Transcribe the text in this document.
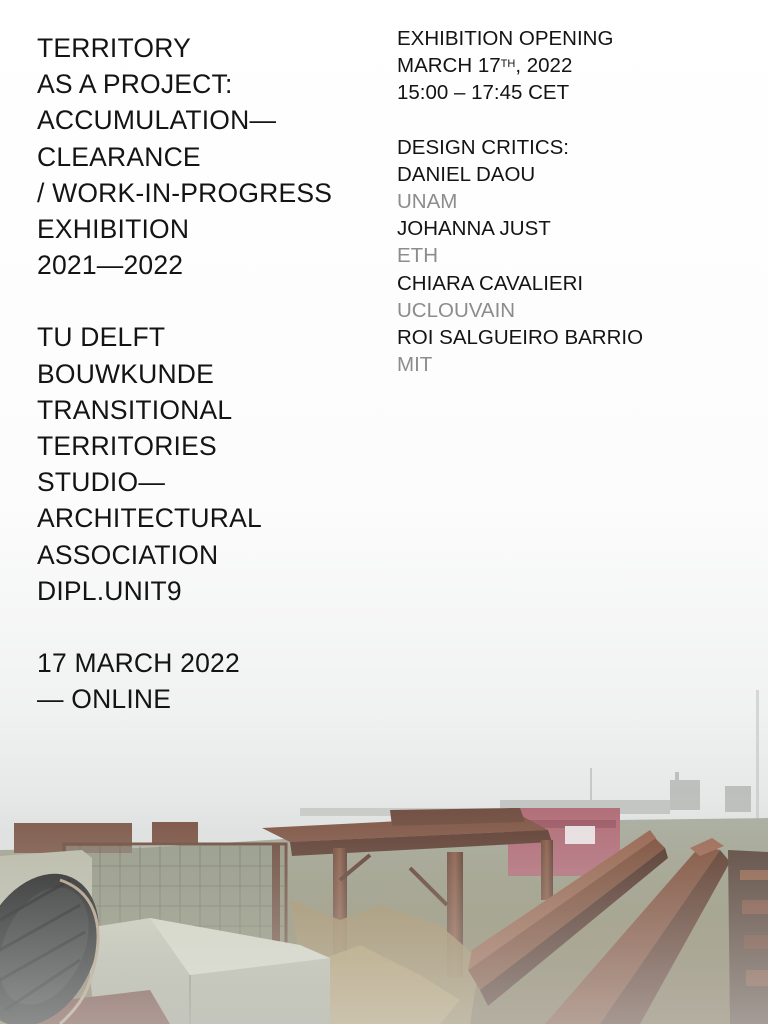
TERRITORY
AS A PROJECT:
ACCUMULATION—
CLEARANCE
/ WORK-IN-PROGRESS
EXHIBITION
2021—2022
TU DELFT
BOUWKUNDE
TRANSITIONAL
TERRITORIES
STUDIO—
ARCHITECTURAL
ASSOCIATION
DIPL.UNIT9
17 MARCH 2022
— ONLINE
EXHIBITION OPENING
MARCH 17TH, 2022
15:00 – 17:45 CET
DESIGN CRITICS:
DANIEL DAOU
UNAM
JOHANNA JUST
ETH
CHIARA CAVALIERI
UCLOUVAIN
ROI SALGUEIRO BARRIO
MIT
